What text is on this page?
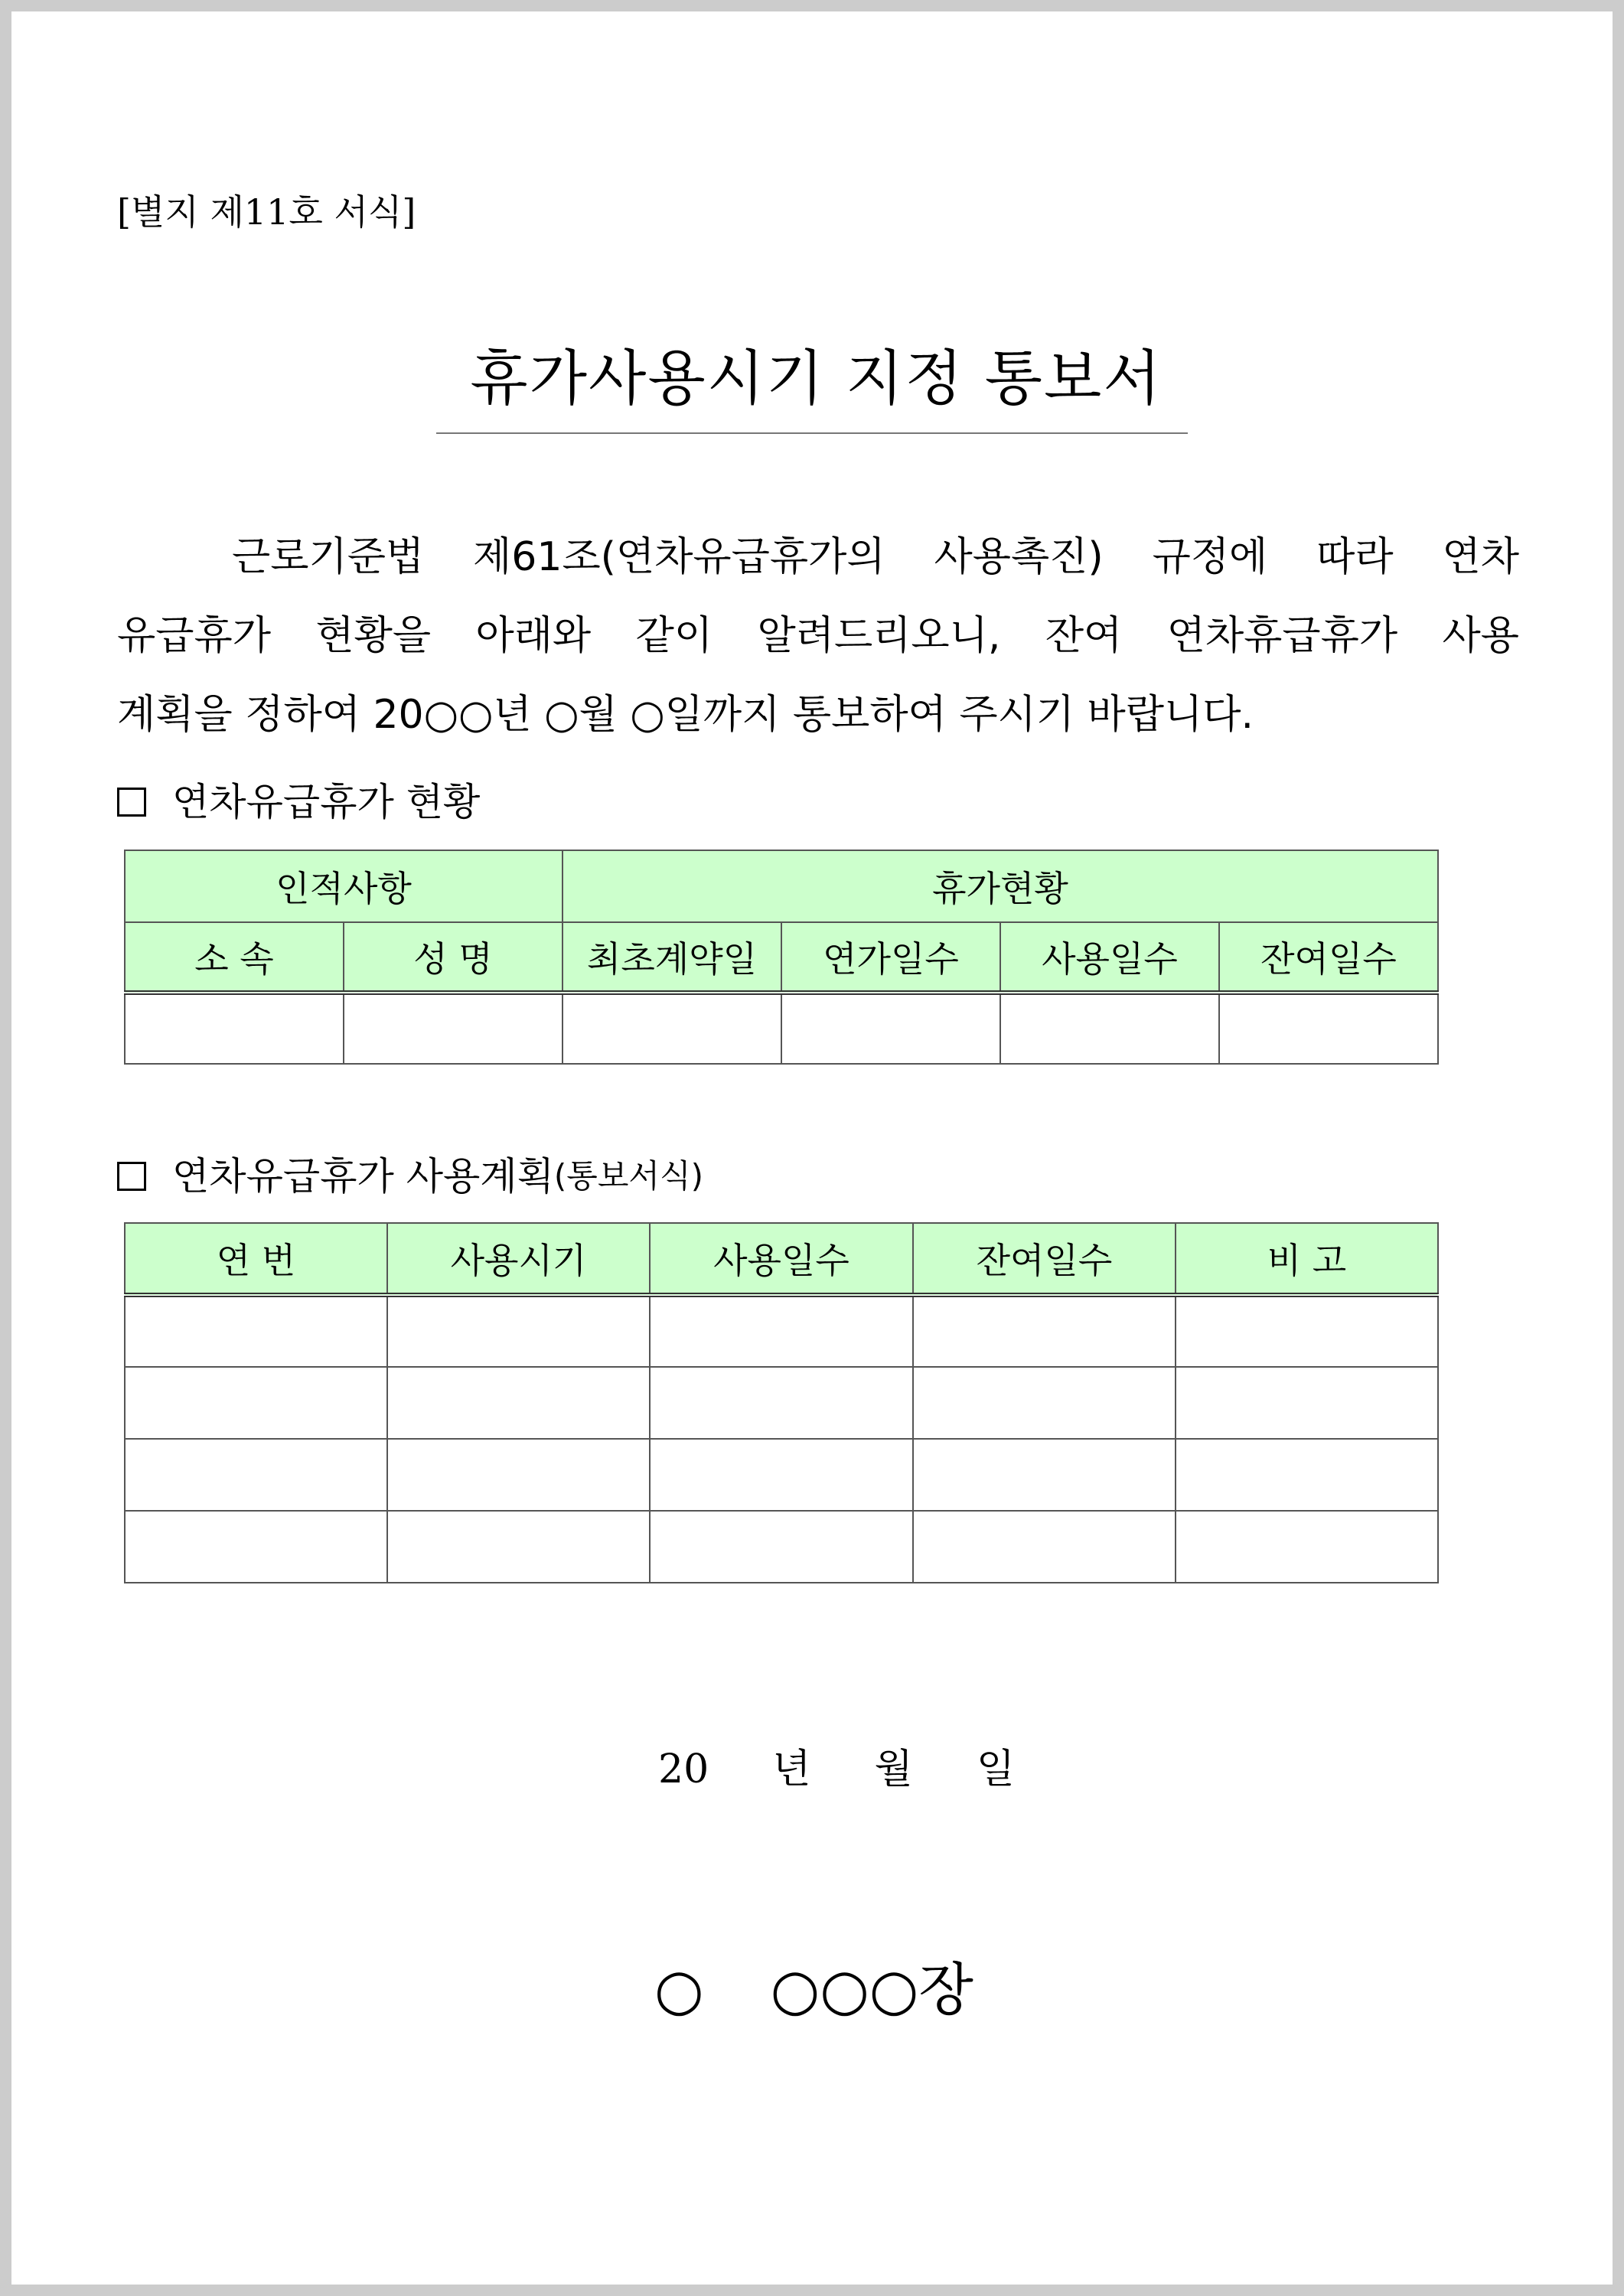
[별지 제11호 서식]
휴가사용시기 지정 통보서
근로기준법 제61조(연차유급휴가의 사용촉진) 규정에 따라 연차
유급휴가 현황을 아래와 같이 알려드리오니, 잔여 연차휴급휴가 사용
계획을 정하여 20○○년 ○월 ○일까지 통보하여 주시기 바랍니다.
연차유급휴가 현황
인적사항		휴가현황			
소 속	성 명	최초계약일	연가일수	사용일수	잔여일수

연차유급휴가 사용계획 (통보서식)
연 번	사용시기	사용일수	잔여일수	비 고

20 년 월 일
○ ○○○장
